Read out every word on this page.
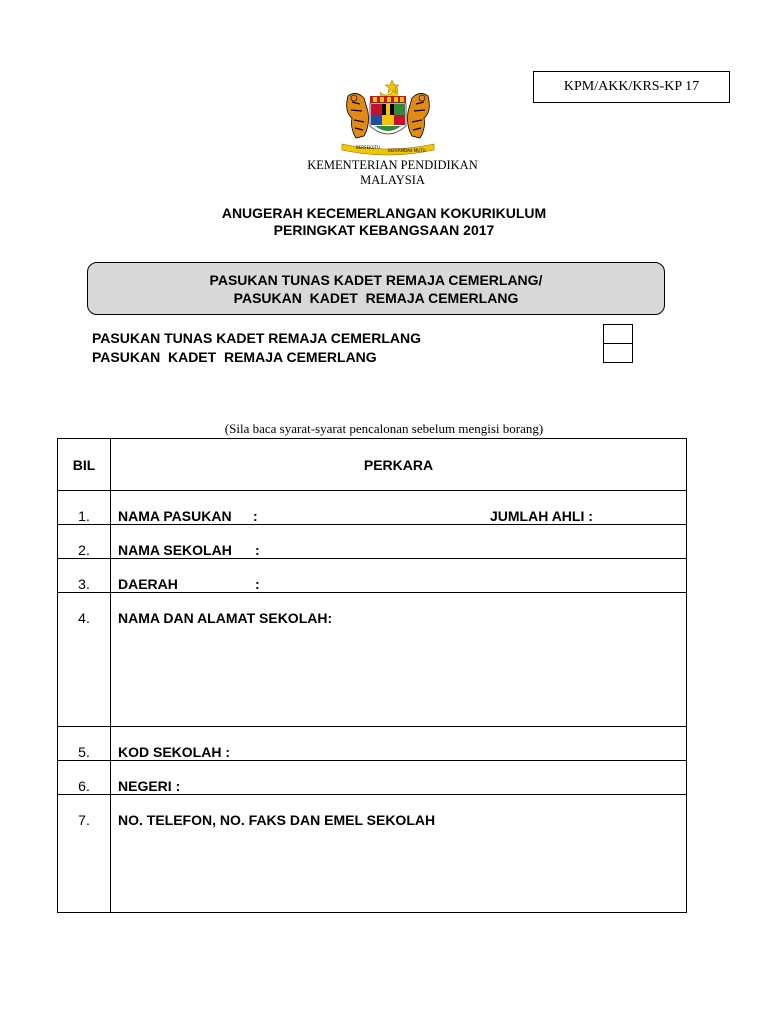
KPM/AKK/KRS-KP 17
BERSEKUTU
BERTAMBAH MUTU
KEMENTERIAN PENDIDIKAN
MALAYSIA
ANUGERAH KECEMERLANGAN KOKURIKULUM
PERINGKAT KEBANGSAAN 2017
PASUKAN TUNAS KADET REMAJA CEMERLANG/
PASUKAN  KADET  REMAJA CEMERLANG
PASUKAN TUNAS KADET REMAJA CEMERLANG
PASUKAN  KADET  REMAJA CEMERLANG
(Sila baca syarat-syarat pencalonan sebelum mengisi borang)
BIL	PERKARA
1.	NAMA PASUKAN : JUMLAH AHLI :

2.	NAMA SEKOLAH :

3.	DAERAH :

4.	NAMA DAN ALAMAT SEKOLAH:
5.	KOD SEKOLAH :
6.	NEGERI :
7.	NO. TELEFON, NO. FAKS DAN EMEL SEKOLAH
